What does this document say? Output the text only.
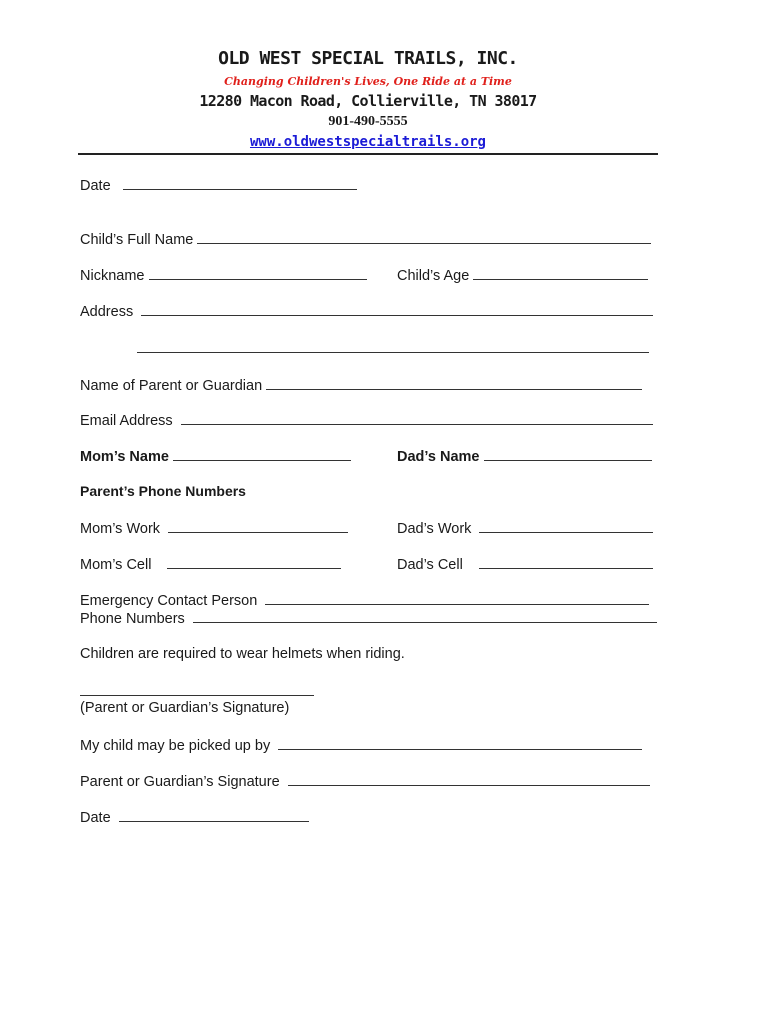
OLD WEST SPECIAL TRAILS, INC.
Changing Children's Lives, One Ride at a Time
12280 Macon Road, Collierville, TN 38017
901-490-5555
www.oldwestspecialtrails.org
Date
Child’s Full Name
Nickname	Child’s Age
Address
Name of Parent or Guardian
Email Address
Mom’s Name	Dad’s Name
Parent’s Phone Numbers
Mom’s Work	Dad’s Work
Mom’s Cell	Dad’s Cell
Emergency Contact Person
Phone Numbers
Children are required to wear helmets when riding.
(Parent or Guardian’s Signature)
My child may be picked up by
Parent or Guardian’s Signature
Date
